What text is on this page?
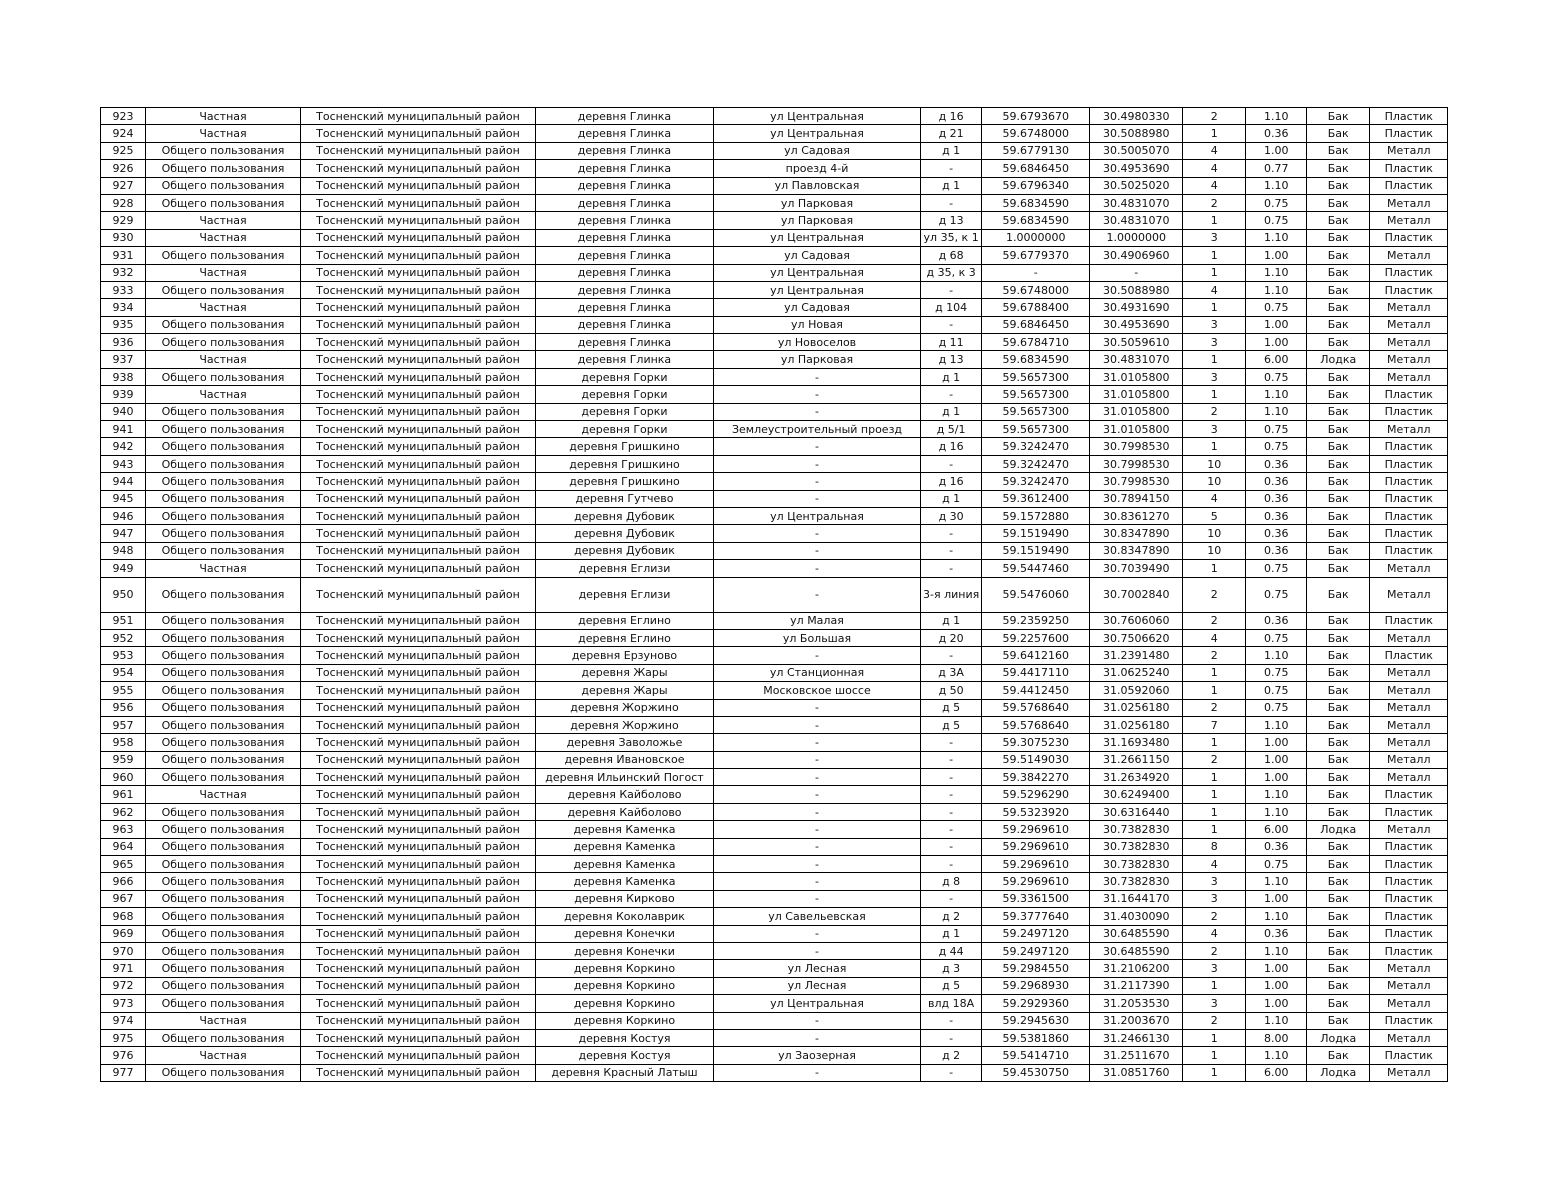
923	Частная	Тосненский муниципальный район	деревня Глинка	ул Центральная	д 16	59.6793670	30.4980330	2	1.10	Бак	Пластик
924	Частная	Тосненский муниципальный район	деревня Глинка	ул Центральная	д 21	59.6748000	30.5088980	1	0.36	Бак	Пластик
925	Общего пользования	Тосненский муниципальный район	деревня Глинка	ул Садовая	д 1	59.6779130	30.5005070	4	1.00	Бак	Металл
926	Общего пользования	Тосненский муниципальный район	деревня Глинка	проезд 4-й	-	59.6846450	30.4953690	4	0.77	Бак	Пластик
927	Общего пользования	Тосненский муниципальный район	деревня Глинка	ул Павловская	д 1	59.6796340	30.5025020	4	1.10	Бак	Пластик
928	Общего пользования	Тосненский муниципальный район	деревня Глинка	ул Парковая	-	59.6834590	30.4831070	2	0.75	Бак	Металл
929	Частная	Тосненский муниципальный район	деревня Глинка	ул Парковая	д 13	59.6834590	30.4831070	1	0.75	Бак	Металл
930	Частная	Тосненский муниципальный район	деревня Глинка	ул Центральная	ул 35, к 1	1.0000000	1.0000000	3	1.10	Бак	Пластик
931	Общего пользования	Тосненский муниципальный район	деревня Глинка	ул Садовая	д 68	59.6779370	30.4906960	1	1.00	Бак	Металл
932	Частная	Тосненский муниципальный район	деревня Глинка	ул Центральная	д 35, к 3	-	-	1	1.10	Бак	Пластик
933	Общего пользования	Тосненский муниципальный район	деревня Глинка	ул Центральная	-	59.6748000	30.5088980	4	1.10	Бак	Пластик
934	Частная	Тосненский муниципальный район	деревня Глинка	ул Садовая	д 104	59.6788400	30.4931690	1	0.75	Бак	Металл
935	Общего пользования	Тосненский муниципальный район	деревня Глинка	ул Новая	-	59.6846450	30.4953690	3	1.00	Бак	Металл
936	Общего пользования	Тосненский муниципальный район	деревня Глинка	ул Новоселов	д 11	59.6784710	30.5059610	3	1.00	Бак	Металл
937	Частная	Тосненский муниципальный район	деревня Глинка	ул Парковая	д 13	59.6834590	30.4831070	1	6.00	Лодка	Металл
938	Общего пользования	Тосненский муниципальный район	деревня Горки	-	д 1	59.5657300	31.0105800	3	0.75	Бак	Металл
939	Частная	Тосненский муниципальный район	деревня Горки	-	-	59.5657300	31.0105800	1	1.10	Бак	Пластик
940	Общего пользования	Тосненский муниципальный район	деревня Горки	-	д 1	59.5657300	31.0105800	2	1.10	Бак	Пластик
941	Общего пользования	Тосненский муниципальный район	деревня Горки	Землеустроительный проезд	д 5/1	59.5657300	31.0105800	3	0.75	Бак	Металл
942	Общего пользования	Тосненский муниципальный район	деревня Гришкино	-	д 16	59.3242470	30.7998530	1	0.75	Бак	Пластик
943	Общего пользования	Тосненский муниципальный район	деревня Гришкино	-	-	59.3242470	30.7998530	10	0.36	Бак	Пластик
944	Общего пользования	Тосненский муниципальный район	деревня Гришкино	-	д 16	59.3242470	30.7998530	10	0.36	Бак	Пластик
945	Общего пользования	Тосненский муниципальный район	деревня Гутчево	-	д 1	59.3612400	30.7894150	4	0.36	Бак	Пластик
946	Общего пользования	Тосненский муниципальный район	деревня Дубовик	ул Центральная	д 30	59.1572880	30.8361270	5	0.36	Бак	Пластик
947	Общего пользования	Тосненский муниципальный район	деревня Дубовик	-	-	59.1519490	30.8347890	10	0.36	Бак	Пластик
948	Общего пользования	Тосненский муниципальный район	деревня Дубовик	-	-	59.1519490	30.8347890	10	0.36	Бак	Пластик
949	Частная	Тосненский муниципальный район	деревня Еглизи	-	-	59.5447460	30.7039490	1	0.75	Бак	Металл
950	Общего пользования	Тосненский муниципальный район	деревня Еглизи	-	3-я линия	59.5476060	30.7002840	2	0.75	Бак	Металл
951	Общего пользования	Тосненский муниципальный район	деревня Еглино	ул Малая	д 1	59.2359250	30.7606060	2	0.36	Бак	Пластик
952	Общего пользования	Тосненский муниципальный район	деревня Еглино	ул Большая	д 20	59.2257600	30.7506620	4	0.75	Бак	Металл
953	Общего пользования	Тосненский муниципальный район	деревня Ерзуново	-	-	59.6412160	31.2391480	2	1.10	Бак	Пластик
954	Общего пользования	Тосненский муниципальный район	деревня Жары	ул Станционная	д 3А	59.4417110	31.0625240	1	0.75	Бак	Металл
955	Общего пользования	Тосненский муниципальный район	деревня Жары	Московское шоссе	д 50	59.4412450	31.0592060	1	0.75	Бак	Металл
956	Общего пользования	Тосненский муниципальный район	деревня Жоржино	-	д 5	59.5768640	31.0256180	2	0.75	Бак	Металл
957	Общего пользования	Тосненский муниципальный район	деревня Жоржино	-	д 5	59.5768640	31.0256180	7	1.10	Бак	Металл
958	Общего пользования	Тосненский муниципальный район	деревня Заволожье	-	-	59.3075230	31.1693480	1	1.00	Бак	Металл
959	Общего пользования	Тосненский муниципальный район	деревня Ивановское	-	-	59.5149030	31.2661150	2	1.00	Бак	Металл
960	Общего пользования	Тосненский муниципальный район	деревня Ильинский Погост	-	-	59.3842270	31.2634920	1	1.00	Бак	Металл
961	Частная	Тосненский муниципальный район	деревня Кайболово	-	-	59.5296290	30.6249400	1	1.10	Бак	Пластик
962	Общего пользования	Тосненский муниципальный район	деревня Кайболово	-	-	59.5323920	30.6316440	1	1.10	Бак	Пластик
963	Общего пользования	Тосненский муниципальный район	деревня Каменка	-	-	59.2969610	30.7382830	1	6.00	Лодка	Металл
964	Общего пользования	Тосненский муниципальный район	деревня Каменка	-	-	59.2969610	30.7382830	8	0.36	Бак	Пластик
965	Общего пользования	Тосненский муниципальный район	деревня Каменка	-	-	59.2969610	30.7382830	4	0.75	Бак	Пластик
966	Общего пользования	Тосненский муниципальный район	деревня Каменка	-	д 8	59.2969610	30.7382830	3	1.10	Бак	Пластик
967	Общего пользования	Тосненский муниципальный район	деревня Кирково	-	-	59.3361500	31.1644170	3	1.00	Бак	Пластик
968	Общего пользования	Тосненский муниципальный район	деревня Коколаврик	ул Савельевская	д 2	59.3777640	31.4030090	2	1.10	Бак	Пластик
969	Общего пользования	Тосненский муниципальный район	деревня Конечки	-	д 1	59.2497120	30.6485590	4	0.36	Бак	Пластик
970	Общего пользования	Тосненский муниципальный район	деревня Конечки	-	д 44	59.2497120	30.6485590	2	1.10	Бак	Пластик
971	Общего пользования	Тосненский муниципальный район	деревня Коркино	ул Лесная	д 3	59.2984550	31.2106200	3	1.00	Бак	Металл
972	Общего пользования	Тосненский муниципальный район	деревня Коркино	ул Лесная	д 5	59.2968930	31.2117390	1	1.00	Бак	Металл
973	Общего пользования	Тосненский муниципальный район	деревня Коркино	ул Центральная	влд 18А	59.2929360	31.2053530	3	1.00	Бак	Металл
974	Частная	Тосненский муниципальный район	деревня Коркино	-	-	59.2945630	31.2003670	2	1.10	Бак	Пластик
975	Общего пользования	Тосненский муниципальный район	деревня Костуя	-	-	59.5381860	31.2466130	1	8.00	Лодка	Металл
976	Частная	Тосненский муниципальный район	деревня Костуя	ул Заозерная	д 2	59.5414710	31.2511670	1	1.10	Бак	Пластик
977	Общего пользования	Тосненский муниципальный район	деревня Красный Латыш	-	-	59.4530750	31.0851760	1	6.00	Лодка	Металл
